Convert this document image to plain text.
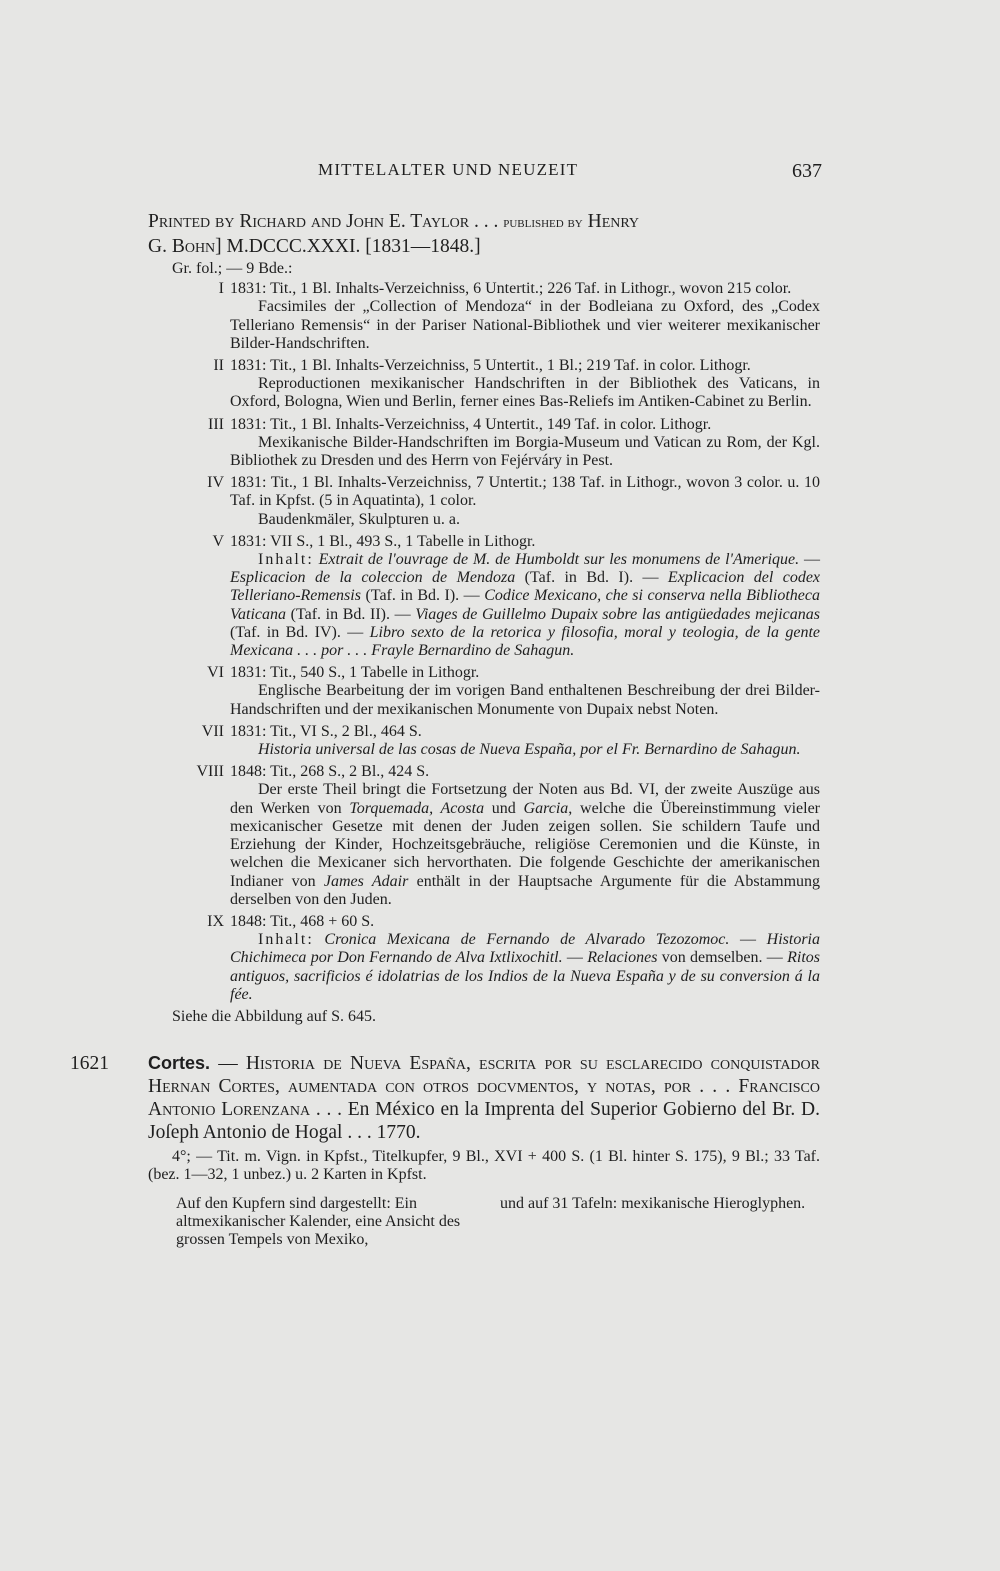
MITTELALTER UND NEUZEIT	637

Printed by Richard and John E. Taylor . . . published by Henry

G. Bohn] M.DCCC.XXXI. [1831—1848.]

Gr. fol.; — 9 Bde.:

I 1831: Tit., 1 Bl. Inhalts-Verzeichniss, 6 Untertit.; 226 Taf. in Lithogr., wovon 215 color.
Facsimiles der „Collection of Mendoza“ in der Bodleiana zu Oxford, des „Codex Telleriano Remensis“ in der Pariser National-Bibliothek und vier weiterer mexikanischer Bilder-Handschriften.
II 1831: Tit., 1 Bl. Inhalts-Verzeichniss, 5 Untertit., 1 Bl.; 219 Taf. in color. Lithogr.
Reproductionen mexikanischer Handschriften in der Bibliothek des Vaticans, in Oxford, Bologna, Wien und Berlin, ferner eines Bas-Reliefs im Antiken-Cabinet zu Berlin.
III 1831: Tit., 1 Bl. Inhalts-Verzeichniss, 4 Untertit., 149 Taf. in color. Lithogr.
Mexikanische Bilder-Handschriften im Borgia-Museum und Vatican zu Rom, der Kgl. Bibliothek zu Dresden und des Herrn von Fejérváry in Pest.
IV 1831: Tit., 1 Bl. Inhalts-Verzeichniss, 7 Untertit.; 138 Taf. in Lithogr., wovon 3 color. u. 10 Taf. in Kpfst. (5 in Aquatinta), 1 color.
Baudenkmäler, Skulpturen u. a.
V 1831: VII S., 1 Bl., 493 S., 1 Tabelle in Lithogr.
Inhalt: Extrait de l'ouvrage de M. de Humboldt sur les monumens de l'Amerique. — Esplicacion de la coleccion de Mendoza (Taf. in Bd. I). — Explicacion del codex Telleriano-Remensis (Taf. in Bd. I). — Codice Mexicano, che si conserva nella Bibliotheca Vaticana (Taf. in Bd. II). — Viages de Guillelmo Dupaix sobre las antigüedades mejicanas (Taf. in Bd. IV). — Libro sexto de la retorica y filosofia, moral y teologia, de la gente Mexicana . . . por . . . Frayle Bernardino de Sahagun.
VI 1831: Tit., 540 S., 1 Tabelle in Lithogr.
Englische Bearbeitung der im vorigen Band enthaltenen Beschreibung der drei Bilder-Handschriften und der mexikanischen Monumente von Dupaix nebst Noten.
VII 1831: Tit., VI S., 2 Bl., 464 S.
Historia universal de las cosas de Nueva España, por el Fr. Bernardino de Sahagun.
VIII 1848: Tit., 268 S., 2 Bl., 424 S.
Der erste Theil bringt die Fortsetzung der Noten aus Bd. VI, der zweite Auszüge aus den Werken von Torquemada, Acosta und Garcia, welche die Übereinstimmung vieler mexicanischer Gesetze mit denen der Juden zeigen sollen. Sie schildern Taufe und Erziehung der Kinder, Hochzeitsgebräuche, religiöse Ceremonien und die Künste, in welchen die Mexicaner sich hervorthaten. Die folgende Geschichte der amerikanischen Indianer von James Adair enthält in der Hauptsache Argumente für die Abstammung derselben von den Juden.
IX 1848: Tit., 468 + 60 S.
Inhalt: Cronica Mexicana de Fernando de Alvarado Tezozomoc. — Historia Chichimeca por Don Fernando de Alva Ixtlixochitl. — Relaciones von demselben. — Ritos antiguos, sacrificios é idolatrias de los Indios de la Nueva España y de su conversion á la fée.

Siehe die Abbildung auf S. 645.

1621 Cortes. — Historia de Nueva España, escrita por su esclarecido conquistador Hernan Cortes, aumentada con otros docvmentos, y notas, por . . . Francisco Antonio Lorenzana . . . En México en la Imprenta del Superior Gobierno del Br. D. Joſeph Antonio de Hogal . . . 1770.

4°; — Tit. m. Vign. in Kpfst., Titelkupfer, 9 Bl., XVI + 400 S. (1 Bl. hinter S. 175), 9 Bl.; 33 Taf. (bez. 1—32, 1 unbez.) u. 2 Karten in Kpfst.

Auf den Kupfern sind dargestellt: Ein altmexikanischer Kalender, eine Ansicht des grossen Tempels von Mexiko,
und auf 31 Tafeln: mexikanische Hieroglyphen.
